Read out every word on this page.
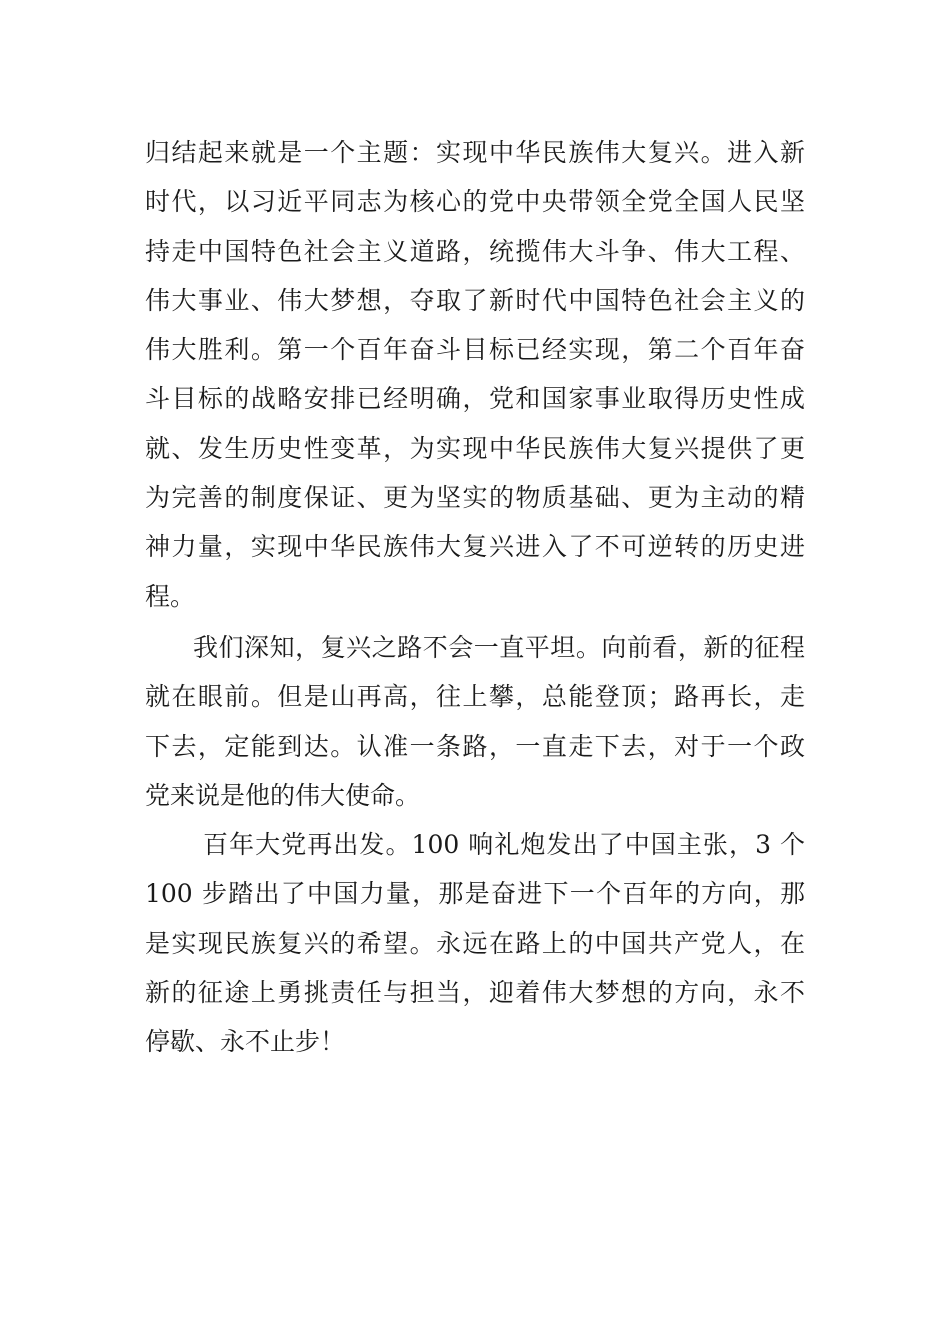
归结起来就是一个主题：实现中华民族伟大复兴。进入新
时代，以习近平同志为核心的党中央带领全党全国人民坚
持走中国特色社会主义道路，统揽伟大斗争、伟大工程、
伟大事业、伟大梦想，夺取了新时代中国特色社会主义的
伟大胜利。第一个百年奋斗目标已经实现，第二个百年奋
斗目标的战略安排已经明确，党和国家事业取得历史性成
就、发生历史性变革，为实现中华民族伟大复兴提供了更
为完善的制度保证、更为坚实的物质基础、更为主动的精
神力量，实现中华民族伟大复兴进入了不可逆转的历史进
程。
我们深知，复兴之路不会一直平坦。向前看，新的征程
就在眼前。但是山再高，往上攀，总能登顶；路再长，走
下去，定能到达。认准一条路，一直走下去，对于一个政
党来说是他的伟大使命。
百年大党再出发。100 响礼炮发出了中国主张，3 个
100 步踏出了中国力量，那是奋进下一个百年的方向，那
是实现民族复兴的希望。永远在路上的中国共产党人，在
新的征途上勇挑责任与担当，迎着伟大梦想的方向，永不
停歇、永不止步！
